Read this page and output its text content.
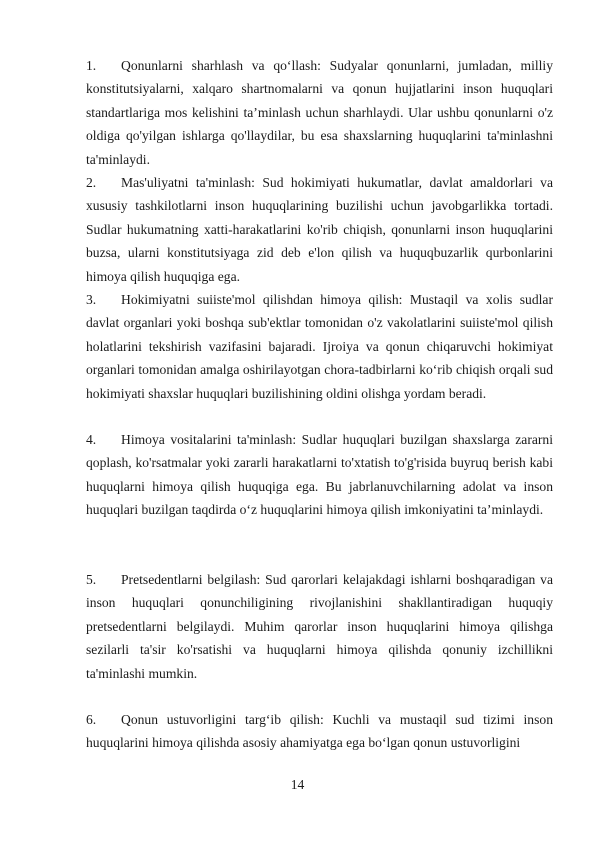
1. Qonunlarni sharhlash va qo‘llash: Sudyalar qonunlarni, jumladan, milliy konstitutsiyalarni, xalqaro shartnomalarni va qonun hujjatlarini inson huquqlari standartlariga mos kelishini ta’minlash uchun sharhlaydi. Ular ushbu qonunlarni o'z oldiga qo'yilgan ishlarga qo'llaydilar, bu esa shaxslarning huquqlarini ta'minlashni ta'minlaydi.
2. Mas'uliyatni ta'minlash: Sud hokimiyati hukumatlar, davlat amaldorlari va xususiy tashkilotlarni inson huquqlarining buzilishi uchun javobgarlikka tortadi. Sudlar hukumatning xatti-harakatlarini ko'rib chiqish, qonunlarni inson huquqlarini buzsa, ularni konstitutsiyaga zid deb e'lon qilish va huquqbuzarlik qurbonlarini himoya qilish huquqiga ega.
3. Hokimiyatni suiiste'mol qilishdan himoya qilish: Mustaqil va xolis sudlar davlat organlari yoki boshqa sub'ektlar tomonidan o'z vakolatlarini suiiste'mol qilish holatlarini tekshirish vazifasini bajaradi. Ijroiya va qonun chiqaruvchi hokimiyat organlari tomonidan amalga oshirilayotgan chora-tadbirlarni ko‘rib chiqish orqali sud hokimiyati shaxslar huquqlari buzilishining oldini olishga yordam beradi.
4. Himoya vositalarini ta'minlash: Sudlar huquqlari buzilgan shaxslarga zararni qoplash, ko'rsatmalar yoki zararli harakatlarni to'xtatish to'g'risida buyruq berish kabi huquqlarni himoya qilish huquqiga ega. Bu jabrlanuvchilarning adolat va inson huquqlari buzilgan taqdirda o‘z huquqlarini himoya qilish imkoniyatini ta’minlaydi.
5. Pretsedentlarni belgilash: Sud qarorlari kelajakdagi ishlarni boshqaradigan va inson huquqlari qonunchiligining rivojlanishini shakllantiradigan huquqiy pretsedentlarni belgilaydi. Muhim qarorlar inson huquqlarini himoya qilishga sezilarli ta'sir ko'rsatishi va huquqlarni himoya qilishda qonuniy izchillikni ta'minlashi mumkin.
6. Qonun ustuvorligini targ‘ib qilish: Kuchli va mustaqil sud tizimi inson huquqlarini himoya qilishda asosiy ahamiyatga ega bo‘lgan qonun ustuvorligini
14
